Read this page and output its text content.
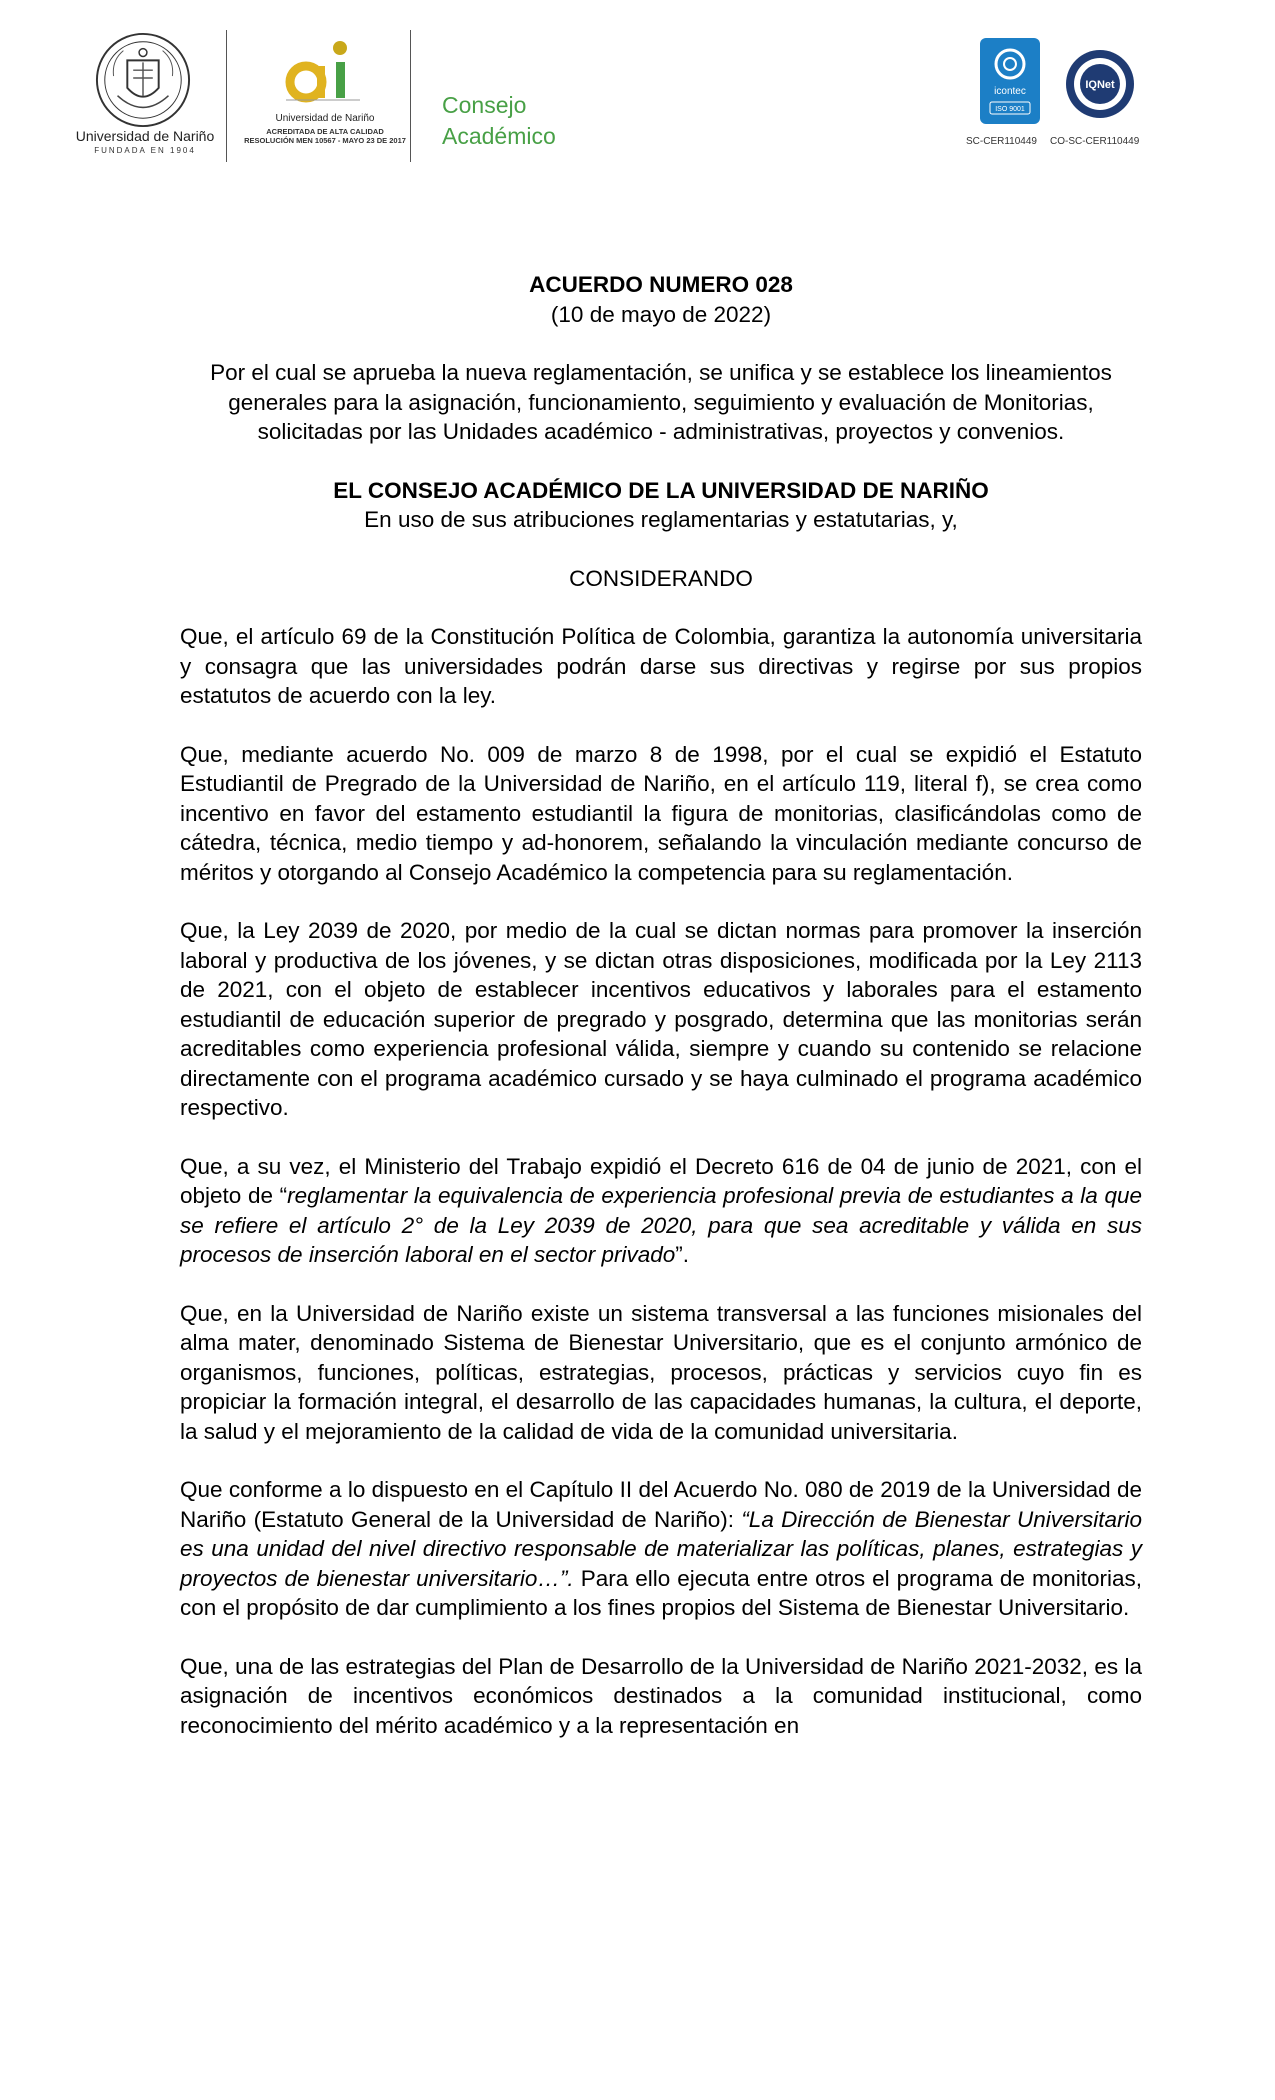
Universidad de Nariño
FUNDADA EN 1904
Universidad de Nariño
ACREDITADA DE ALTA CALIDAD
RESOLUCIÓN MEN 10567 - MAYO 23 DE 2017
Consejo
Académico
icontec
ISO 9001
IQNet
SC-CER110449 CO-SC-CER110449
ACUERDO NUMERO 028
(10 de mayo de 2022)
Por el cual se aprueba la nueva reglamentación, se unifica y se establece los lineamientos generales para la asignación, funcionamiento, seguimiento y evaluación de Monitorias, solicitadas por las Unidades académico - administrativas, proyectos y convenios.
EL CONSEJO ACADÉMICO DE LA UNIVERSIDAD DE NARIÑO
En uso de sus atribuciones reglamentarias y estatutarias, y,
CONSIDERANDO

Que, el artículo 69 de la Constitución Política de Colombia, garantiza la autonomía universitaria y consagra que las universidades podrán darse sus directivas y regirse por sus propios estatutos de acuerdo con la ley.

Que, mediante acuerdo No. 009 de marzo 8 de 1998, por el cual se expidió el Estatuto Estudiantil de Pregrado de la Universidad de Nariño, en el artículo 119, literal f), se crea como incentivo en favor del estamento estudiantil la figura de monitorias, clasificándolas como de cátedra, técnica, medio tiempo y ad-honorem, señalando la vinculación mediante concurso de méritos y otorgando al Consejo Académico la competencia para su reglamentación.

Que, la Ley 2039 de 2020, por medio de la cual se dictan normas para promover la inserción laboral y productiva de los jóvenes, y se dictan otras disposiciones, modificada por la Ley 2113 de 2021, con el objeto de establecer incentivos educativos y laborales para el estamento estudiantil de educación superior de pregrado y posgrado, determina que las monitorias serán acreditables como experiencia profesional válida, siempre y cuando su contenido se relacione directamente con el programa académico cursado y se haya culminado el programa académico respectivo.

Que, a su vez, el Ministerio del Trabajo expidió el Decreto 616 de 04 de junio de 2021, con el objeto de “reglamentar la equivalencia de experiencia profesional previa de estudiantes a la que se refiere el artículo 2° de la Ley 2039 de 2020, para que sea acreditable y válida en sus procesos de inserción laboral en el sector privado”.

Que, en la Universidad de Nariño existe un sistema transversal a las funciones misionales del alma mater, denominado Sistema de Bienestar Universitario, que es el conjunto armónico de organismos, funciones, políticas, estrategias, procesos, prácticas y servicios cuyo fin es propiciar la formación integral, el desarrollo de las capacidades humanas, la cultura, el deporte, la salud y el mejoramiento de la calidad de vida de la comunidad universitaria.

Que conforme a lo dispuesto en el Capítulo II del Acuerdo No. 080 de 2019 de la Universidad de Nariño (Estatuto General de la Universidad de Nariño): “La Dirección de Bienestar Universitario es una unidad del nivel directivo responsable de materializar las políticas, planes, estrategias y proyectos de bienestar universitario…”. Para ello ejecuta entre otros el programa de monitorias, con el propósito de dar cumplimiento a los fines propios del Sistema de Bienestar Universitario.

Que, una de las estrategias del Plan de Desarrollo de la Universidad de Nariño 2021-2032, es la asignación de incentivos económicos destinados a la comunidad institucional, como reconocimiento del mérito académico y a la representación en
